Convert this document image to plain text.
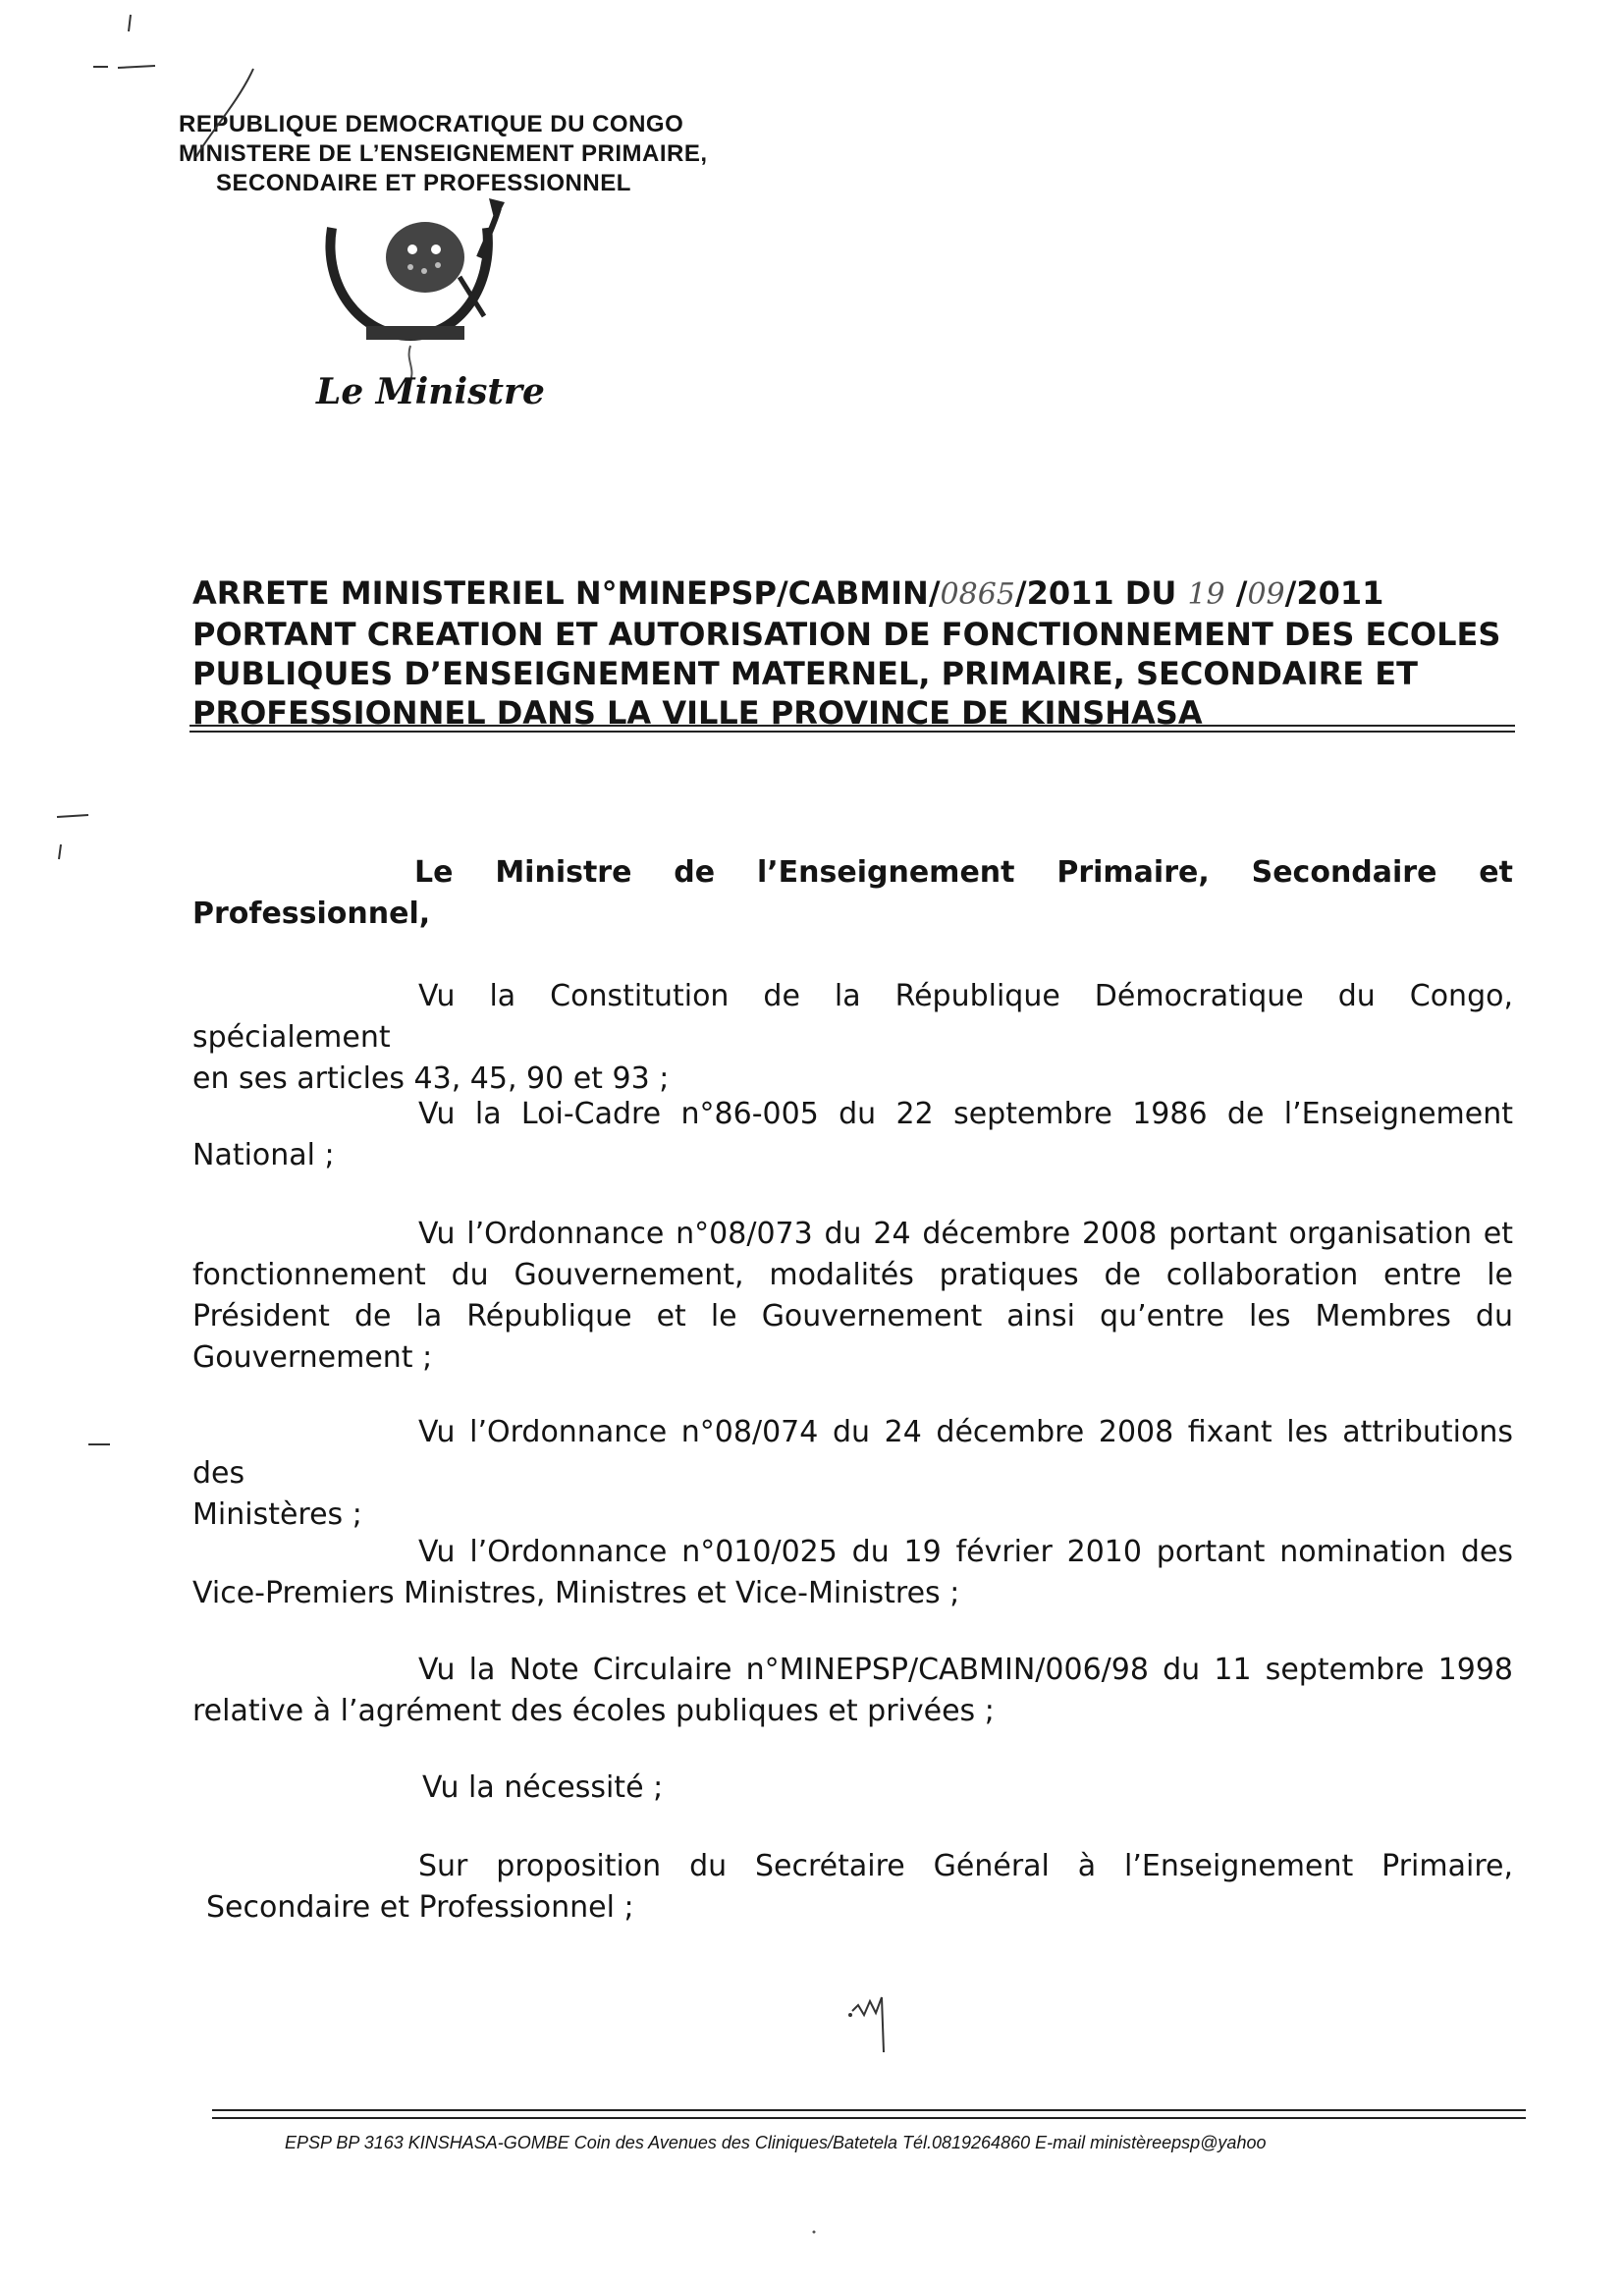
REPUBLIQUE DEMOCRATIQUE DU CONGO
MINISTERE DE L’ENSEIGNEMENT PRIMAIRE,
SECONDAIRE ET PROFESSIONNEL
Le Ministre
ARRETE MINISTERIEL N°MINEPSP/CABMIN/0865/2011 DU 19 /09/2011
PORTANT CREATION ET AUTORISATION DE FONCTIONNEMENT DES ECOLES
PUBLIQUES D’ENSEIGNEMENT MATERNEL, PRIMAIRE, SECONDAIRE ET
PROFESSIONNEL DANS LA VILLE PROVINCE DE KINSHASA
Le Ministre de l’Enseignement Primaire, Secondaire et
Professionnel,
Vu la Constitution de la République Démocratique du Congo, spécialement
en ses articles 43, 45, 90 et 93 ;
Vu la Loi-Cadre n°86-005 du 22 septembre 1986 de l’Enseignement
National ;
Vu l’Ordonnance n°08/073 du 24 décembre 2008 portant organisation et
fonctionnement du Gouvernement, modalités pratiques de collaboration entre le
Président de la République et le Gouvernement ainsi qu’entre les Membres du
Gouvernement ;
Vu l’Ordonnance n°08/074 du 24 décembre 2008 fixant les attributions des
Ministères ;
Vu l’Ordonnance n°010/025 du 19 février 2010 portant nomination des
Vice-Premiers Ministres, Ministres et Vice-Ministres ;
Vu la Note Circulaire n°MINEPSP/CABMIN/006/98 du 11 septembre 1998
relative à l’agrément des écoles publiques et privées ;
Vu la nécessité ;
Sur proposition du Secrétaire Général à l’Enseignement Primaire,
Secondaire et Professionnel ;
EPSP BP 3163 KINSHASA-GOMBE Coin des Avenues des Cliniques/Batetela Tél.0819264860 E-mail ministèreepsp@yahoo
